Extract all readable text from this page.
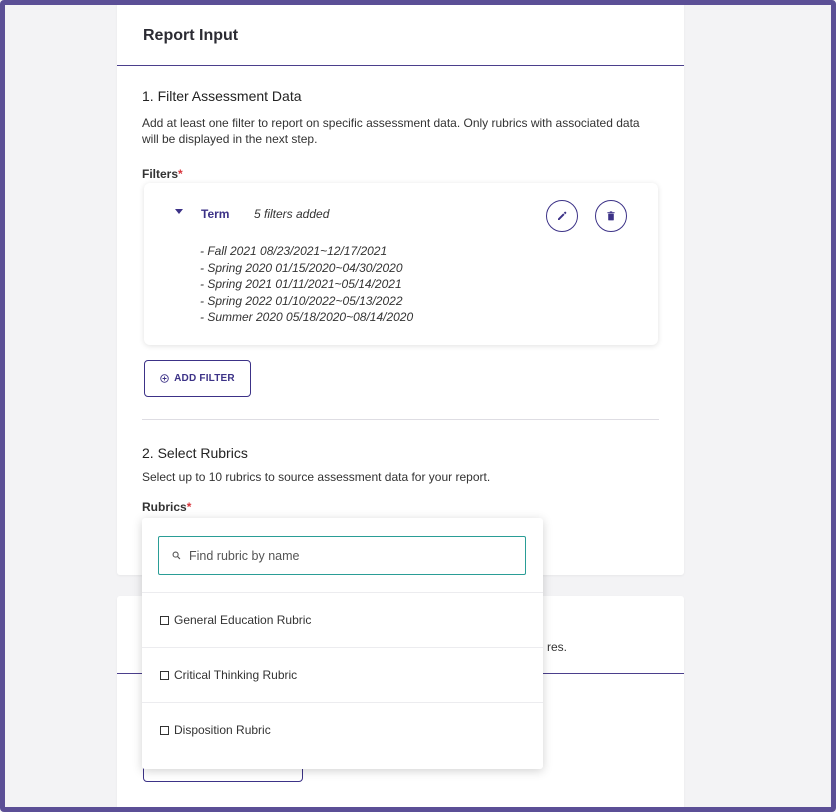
Report Input
1. Filter Assessment Data
Add at least one filter to report on specific assessment data. Only rubrics with associated data will be displayed in the next step.
Filters*
Term 5 filters added
- Fall 2021 08/23/2021~12/17/2021
- Spring 2020 01/15/2020~04/30/2020
- Spring 2021 01/11/2021~05/14/2021
- Spring 2022 01/10/2022~05/13/2022
- Summer 2020 05/18/2020~08/14/2020
ADD FILTER
2. Select Rubrics
Select up to 10 rubrics to source assessment data for your report.
Rubrics*
res.
Find rubric by name
General Education Rubric
Critical Thinking Rubric
Disposition Rubric
